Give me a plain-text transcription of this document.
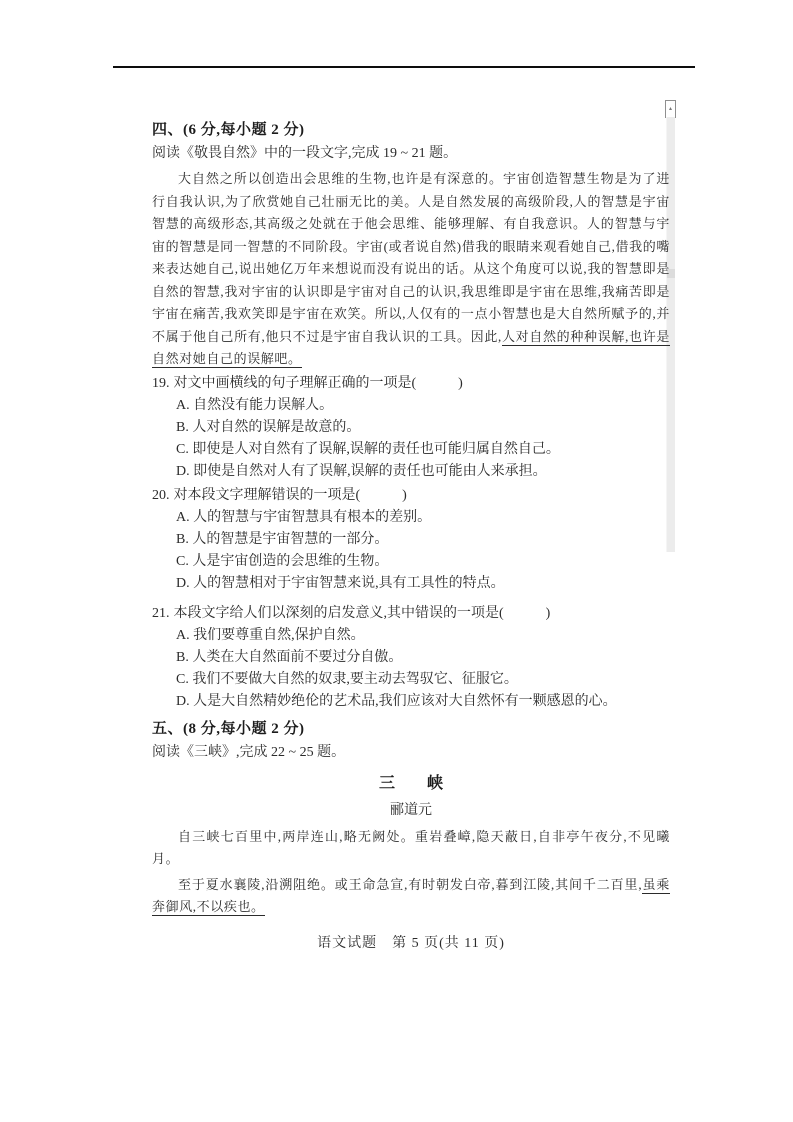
▴
四、(6 分,每小题 2 分)
阅读《敬畏自然》中的一段文字,完成 19 ~ 21 题。

大自然之所以创造出会思维的生物,也许是有深意的。宇宙创造智慧生物是为了进行自我认识,为了欣赏她自己壮丽无比的美。人是自然发展的高级阶段,人的智慧是宇宙智慧的高级形态,其高级之处就在于他会思维、能够理解、有自我意识。人的智慧与宇宙的智慧是同一智慧的不同阶段。宇宙(或者说自然)借我的眼睛来观看她自己,借我的嘴来表达她自己,说出她亿万年来想说而没有说出的话。从这个角度可以说,我的智慧即是自然的智慧,我对宇宙的认识即是宇宙对自己的认识,我思维即是宇宙在思维,我痛苦即是宇宙在痛苦,我欢笑即是宇宙在欢笑。所以,人仅有的一点小智慧也是大自然所赋予的,并不属于他自己所有,他只不过是宇宙自我认识的工具。因此,人对自然的种种误解,也许是自然对她自己的误解吧。

19. 对文中画横线的句子理解正确的一项是(　　　)
A. 自然没有能力误解人。
B. 人对自然的误解是故意的。
C. 即使是人对自然有了误解,误解的责任也可能归属自然自己。
D. 即使是自然对人有了误解,误解的责任也可能由人来承担。
20. 对本段文字理解错误的一项是(　　　)
A. 人的智慧与宇宙智慧具有根本的差别。
B. 人的智慧是宇宙智慧的一部分。
C. 人是宇宙创造的会思维的生物。
D. 人的智慧相对于宇宙智慧来说,具有工具性的特点。
21. 本段文字给人们以深刻的启发意义,其中错误的一项是(　　　)
A. 我们要尊重自然,保护自然。
B. 人类在大自然面前不要过分自傲。
C. 我们不要做大自然的奴隶,要主动去驾驭它、征服它。
D. 人是大自然精妙绝伦的艺术品,我们应该对大自然怀有一颗感恩的心。
五、(8 分,每小题 2 分)
阅读《三峡》,完成 22 ~ 25 题。
三　　峡
郦道元

自三峡七百里中,两岸连山,略无阙处。重岩叠嶂,隐天蔽日,自非亭午夜分,不见曦月。

至于夏水襄陵,沿溯阻绝。或王命急宣,有时朝发白帝,暮到江陵,其间千二百里,虽乘奔御风,不以疾也。

语文试题　第 5 页(共 11 页)
